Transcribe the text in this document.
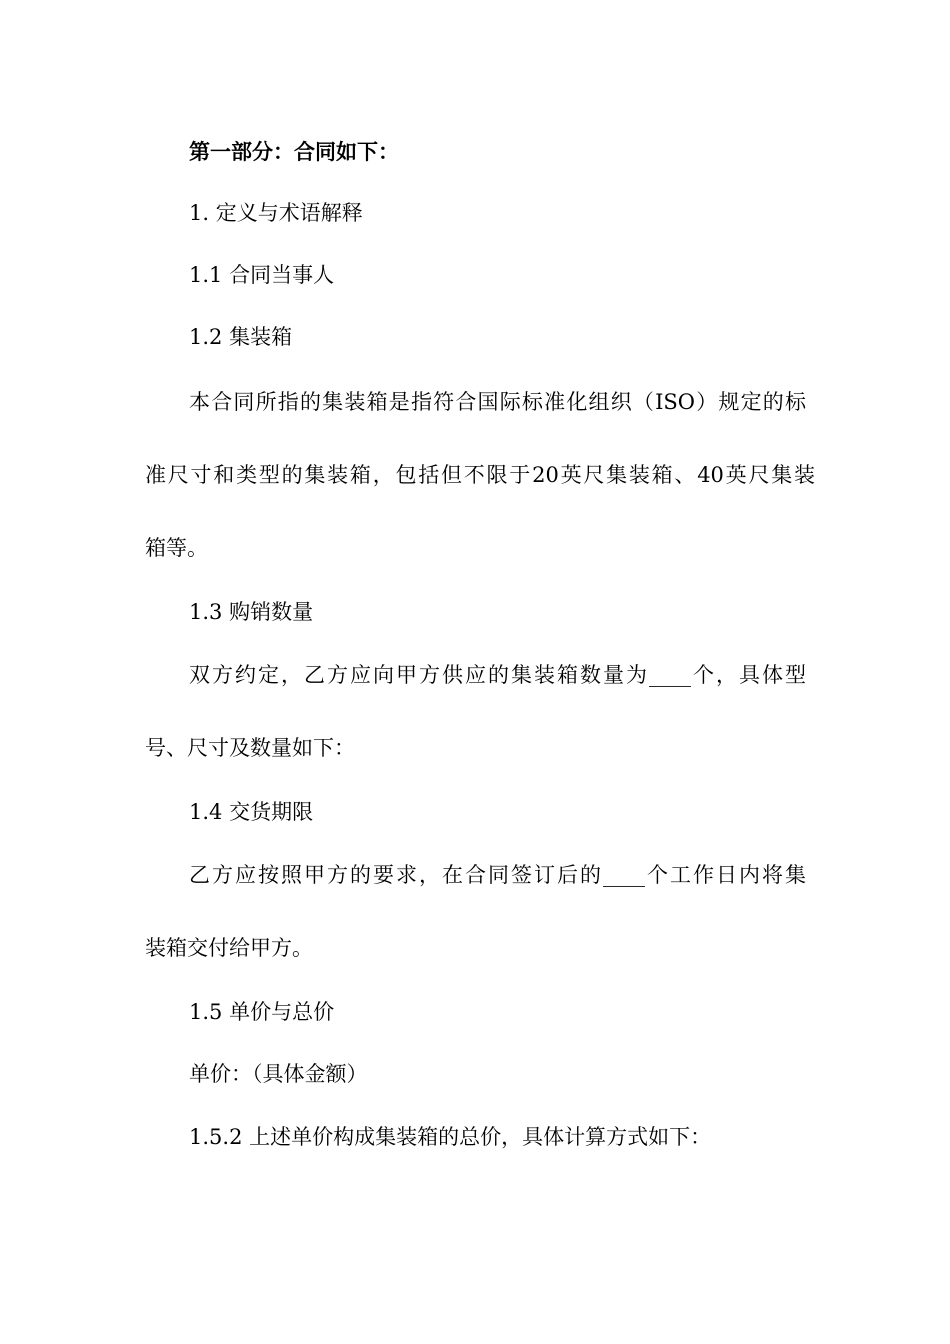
第一部分：合同如下：
1. 定义与术语解释
1.1 合同当事人
1.2 集装箱
本合同所指的集装箱是指符合国际标准化组织（ISO）规定的标
准尺寸和类型的集装箱，包括但不限于20英尺集装箱、40英尺集装
箱等。
1.3 购销数量
双方约定，乙方应向甲方供应的集装箱数量为____个，具体型
号、尺寸及数量如下：
1.4 交货期限
乙方应按照甲方的要求，在合同签订后的____个工作日内将集
装箱交付给甲方。
1.5 单价与总价
单价：（具体金额）
1.5.2 上述单价构成集装箱的总价，具体计算方式如下：
